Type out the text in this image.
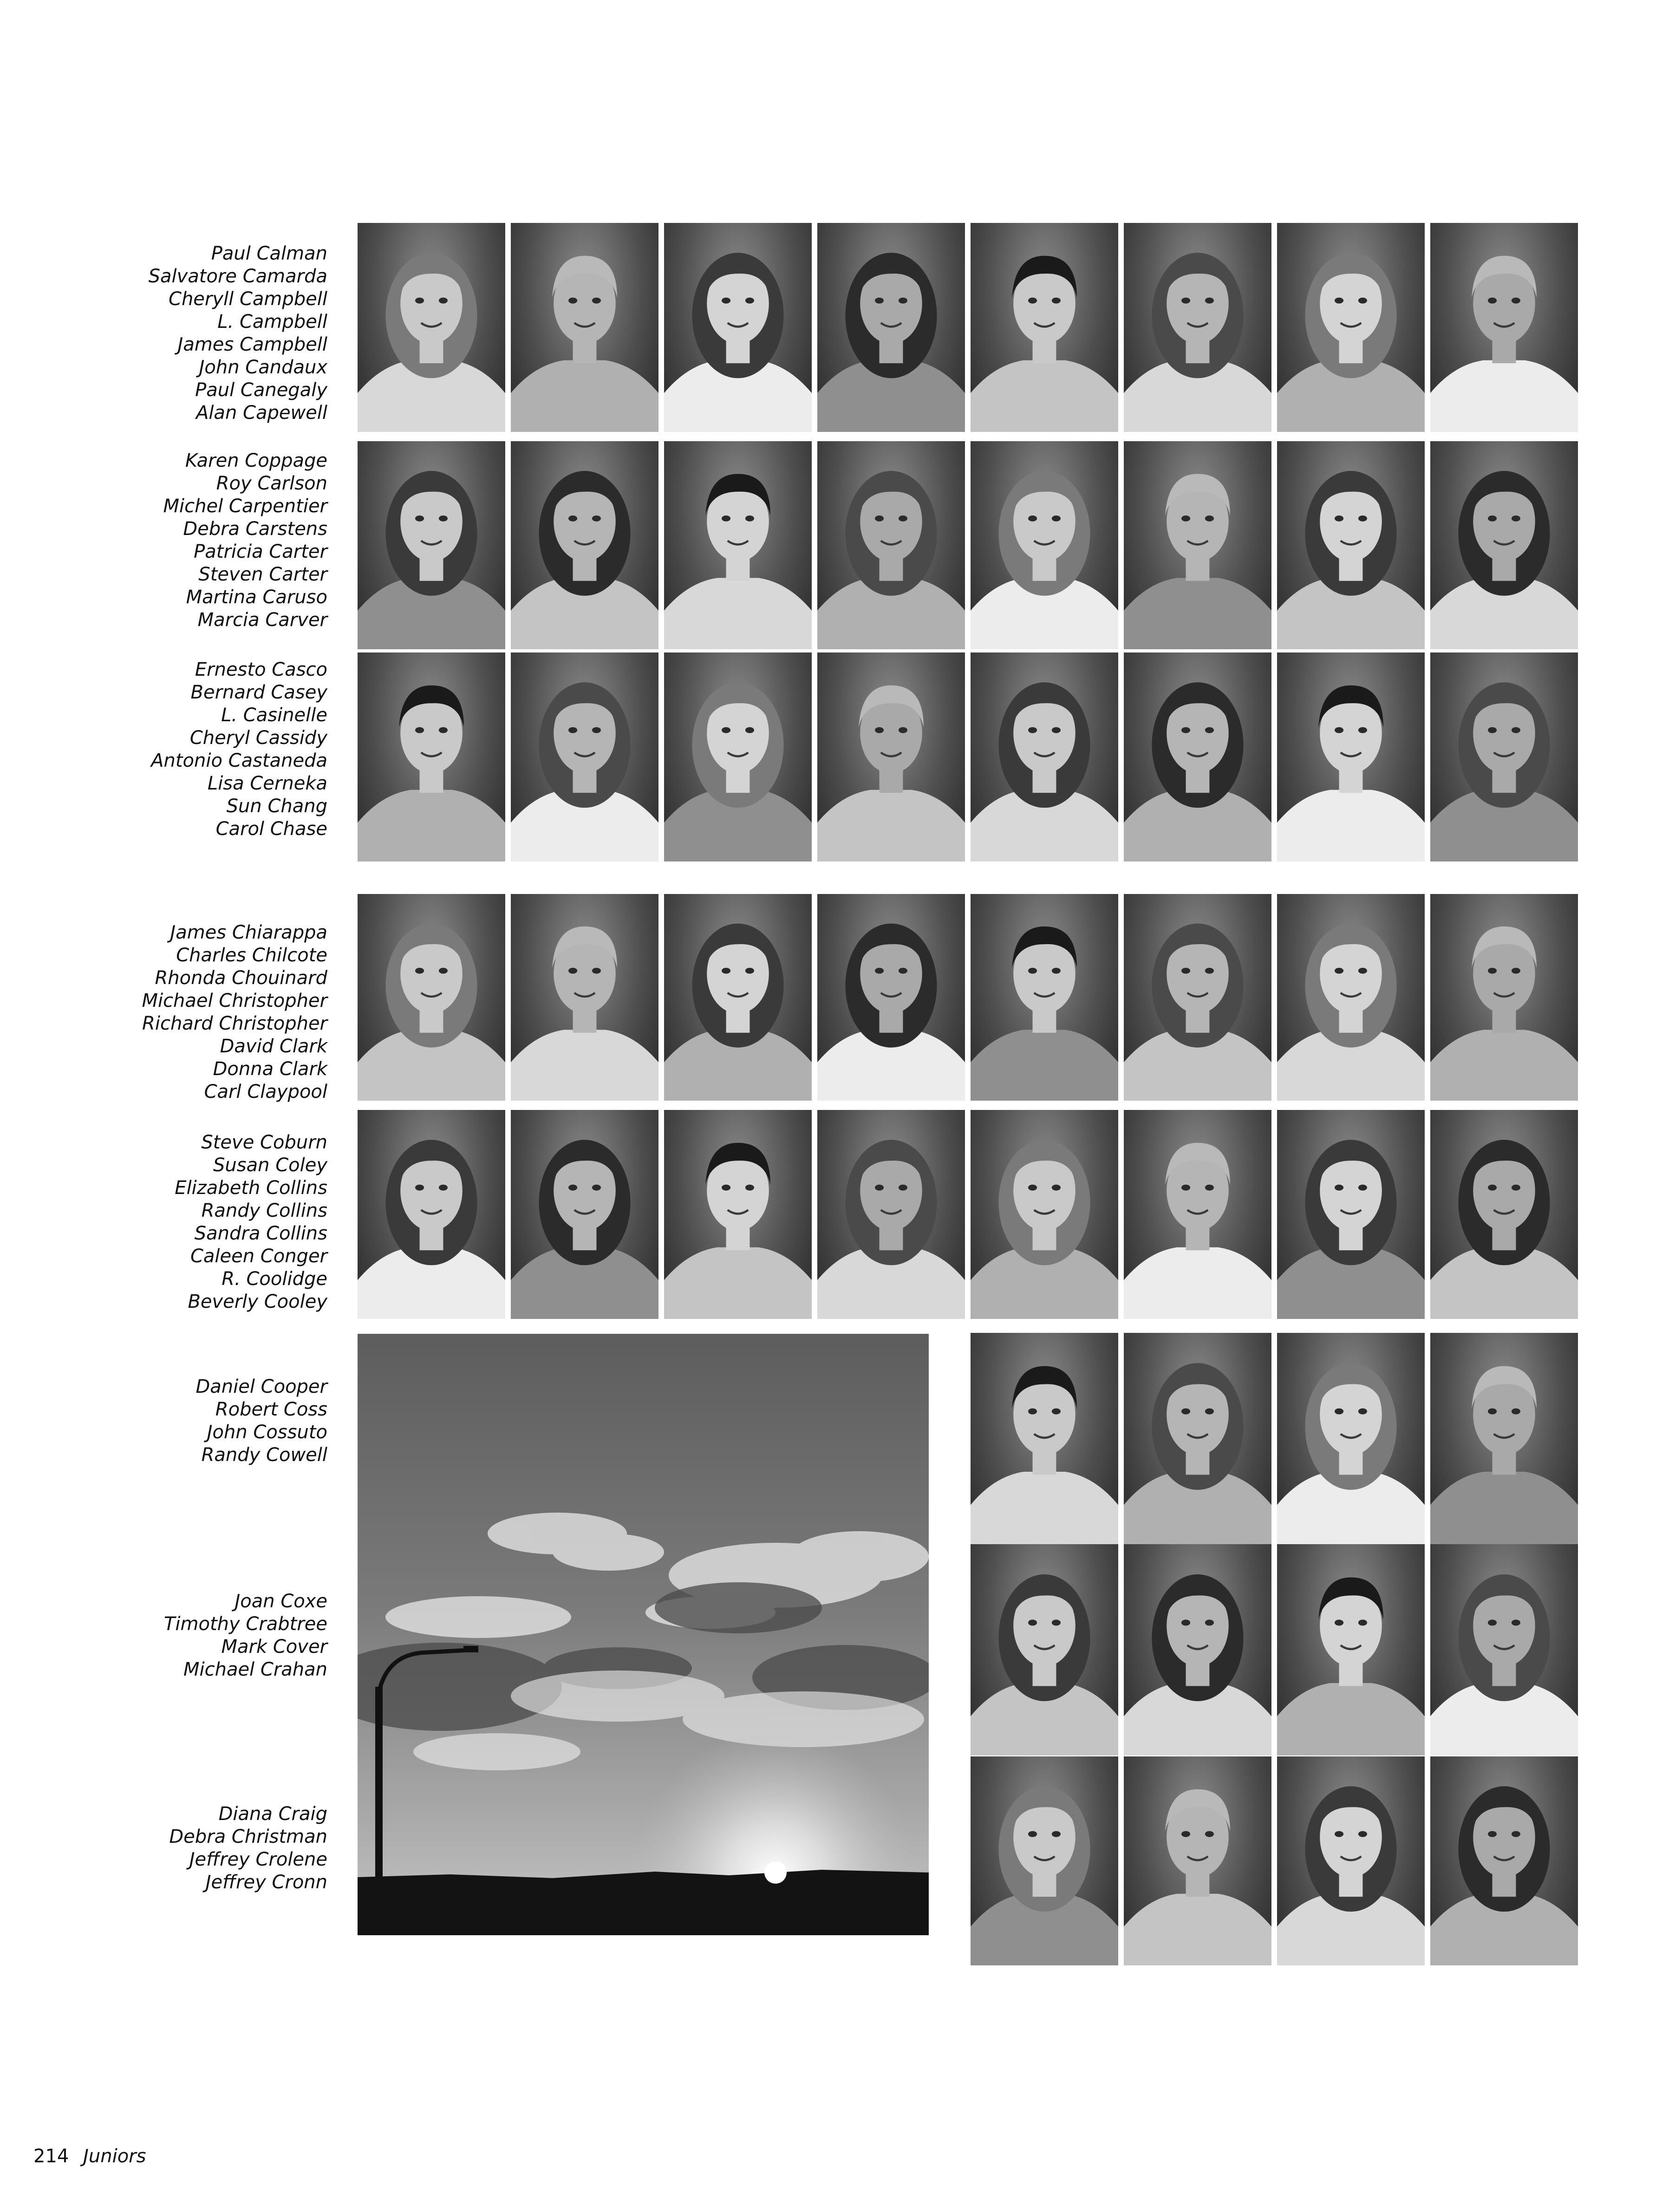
Paul Calman
Salvatore Camarda
Cheryll Campbell
L. Campbell
James Campbell
John Candaux
Paul Canegaly
Alan Capewell
Karen Coppage
Roy Carlson
Michel Carpentier
Debra Carstens
Patricia Carter
Steven Carter
Martina Caruso
Marcia Carver
Ernesto Casco
Bernard Casey
L. Casinelle
Cheryl Cassidy
Antonio Castaneda
Lisa Cerneka
Sun Chang
Carol Chase
James Chiarappa
Charles Chilcote
Rhonda Chouinard
Michael Christopher
Richard Christopher
David Clark
Donna Clark
Carl Claypool
Steve Coburn
Susan Coley
Elizabeth Collins
Randy Collins
Sandra Collins
Caleen Conger
R. Coolidge
Beverly Cooley
Daniel Cooper
Robert Coss
John Cossuto
Randy Cowell
Joan Coxe
Timothy Crabtree
Mark Cover
Michael Crahan
Diana Craig
Debra Christman
Jeffrey Crolene
Jeffrey Cronn
214 Juniors
